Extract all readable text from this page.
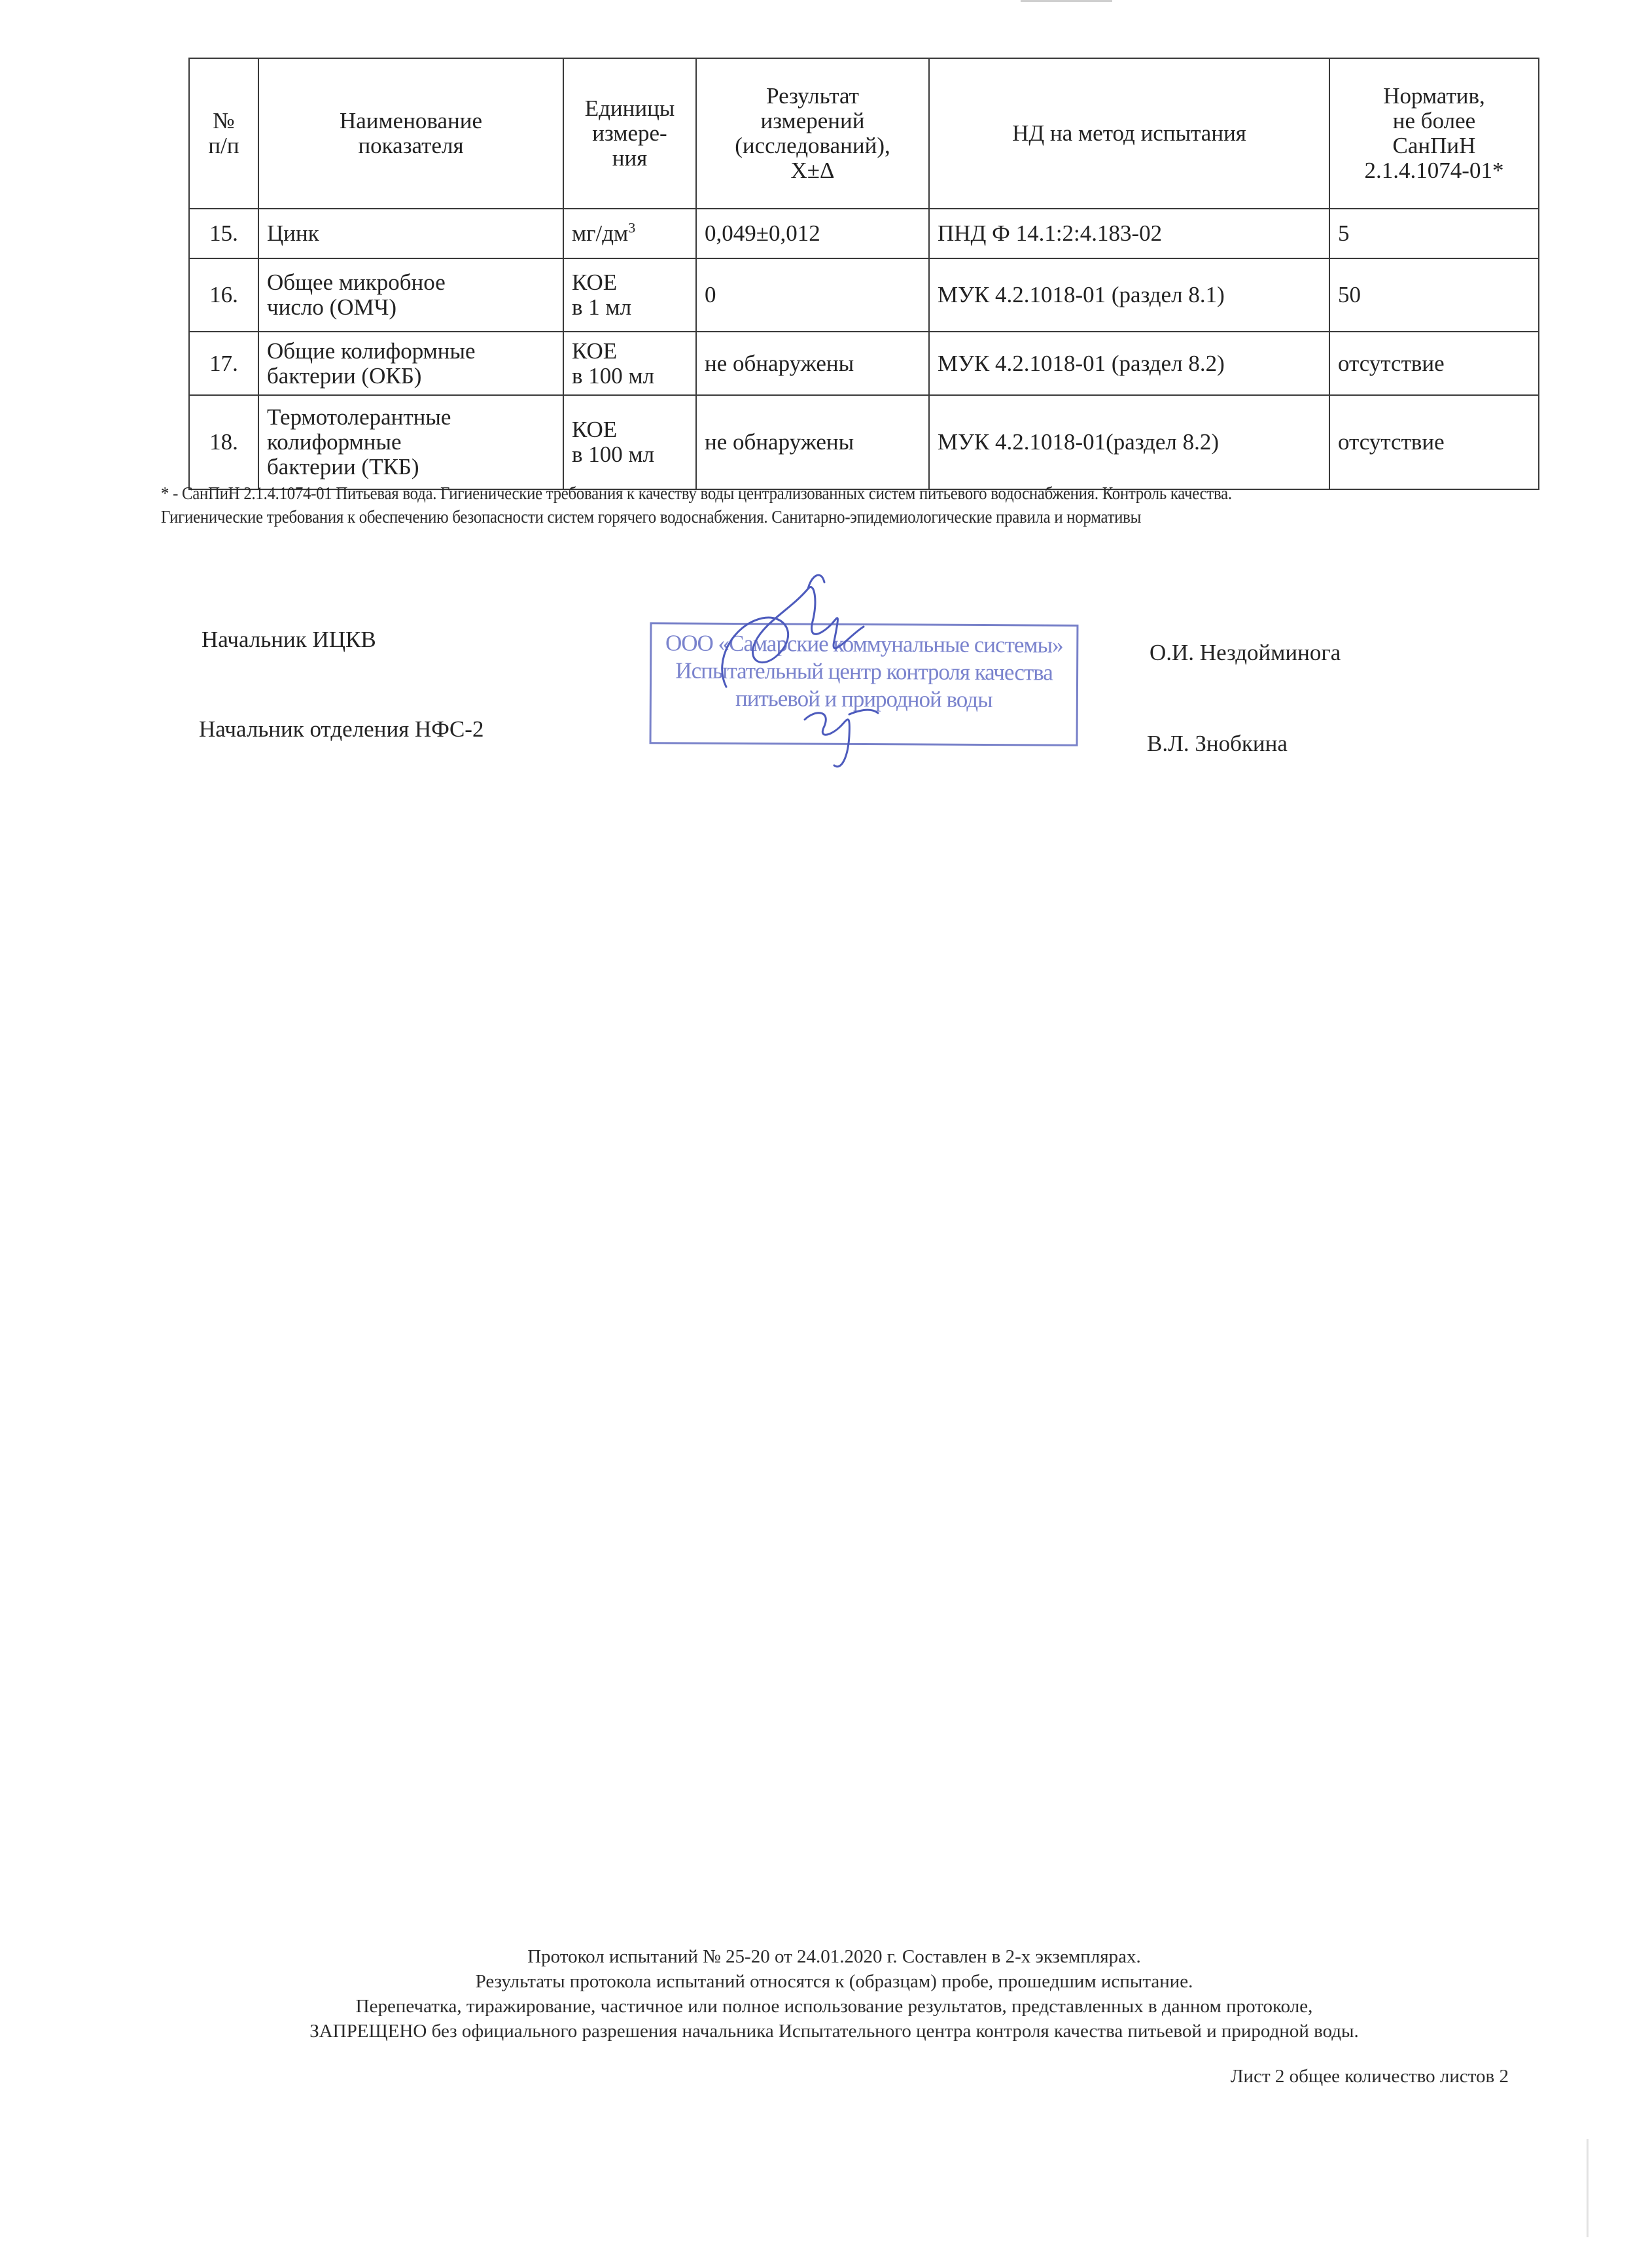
№
п/п	Наименование
показателя	Единицы
измере-
ния	Результат
измерений
(исследований),
X±Δ	НД на метод испытания	Норматив,
не более
СанПиН
2.1.4.1074-01*

15.	Цинк	$мг/дм^3$	0,049±0,012	ПНД Ф 14.1:2:4.183-02	5
16.	Общее микробное
число (ОМЧ)	КОЕ
в 1 мл	0	МУК 4.2.1018-01 (раздел 8.1)	50
17.	Общие колиформные
бактерии (ОКБ)	КОЕ
в 100 мл	не обнаружены	МУК 4.2.1018-01 (раздел 8.2)	отсутствие
18.	Термотолерантные
колиформные
бактерии (ТКБ)	КОЕ
в 100 мл	не обнаружены	МУК 4.2.1018-01(раздел 8.2)	отсутствие
* - СанПиН 2.1.4.1074-01 Питьевая вода. Гигиенические требования к качеству воды централизованных систем питьевого водоснабжения. Контроль качества.
Гигиенические требования к обеспечению безопасности систем горячего водоснабжения. Санитарно-эпидемиологические правила и нормативы
Начальник ИЦКВ
О.И. Нездойминога
Начальник отделения НФС-2
В.Л. Знобкина
ООО «Самарские коммунальные системы»
Испытательный центр контроля качества
питьевой и природной воды
Протокол испытаний № 25-20 от 24.01.2020 г. Составлен в 2-х экземплярах.
Результаты протокола испытаний относятся к (образцам) пробе, прошедшим испытание.
Перепечатка, тиражирование, частичное или полное использование результатов, представленных в данном протоколе,
ЗАПРЕЩЕНО без официального разрешения начальника Испытательного центра контроля качества питьевой и природной воды.
Лист 2 общее количество листов 2
